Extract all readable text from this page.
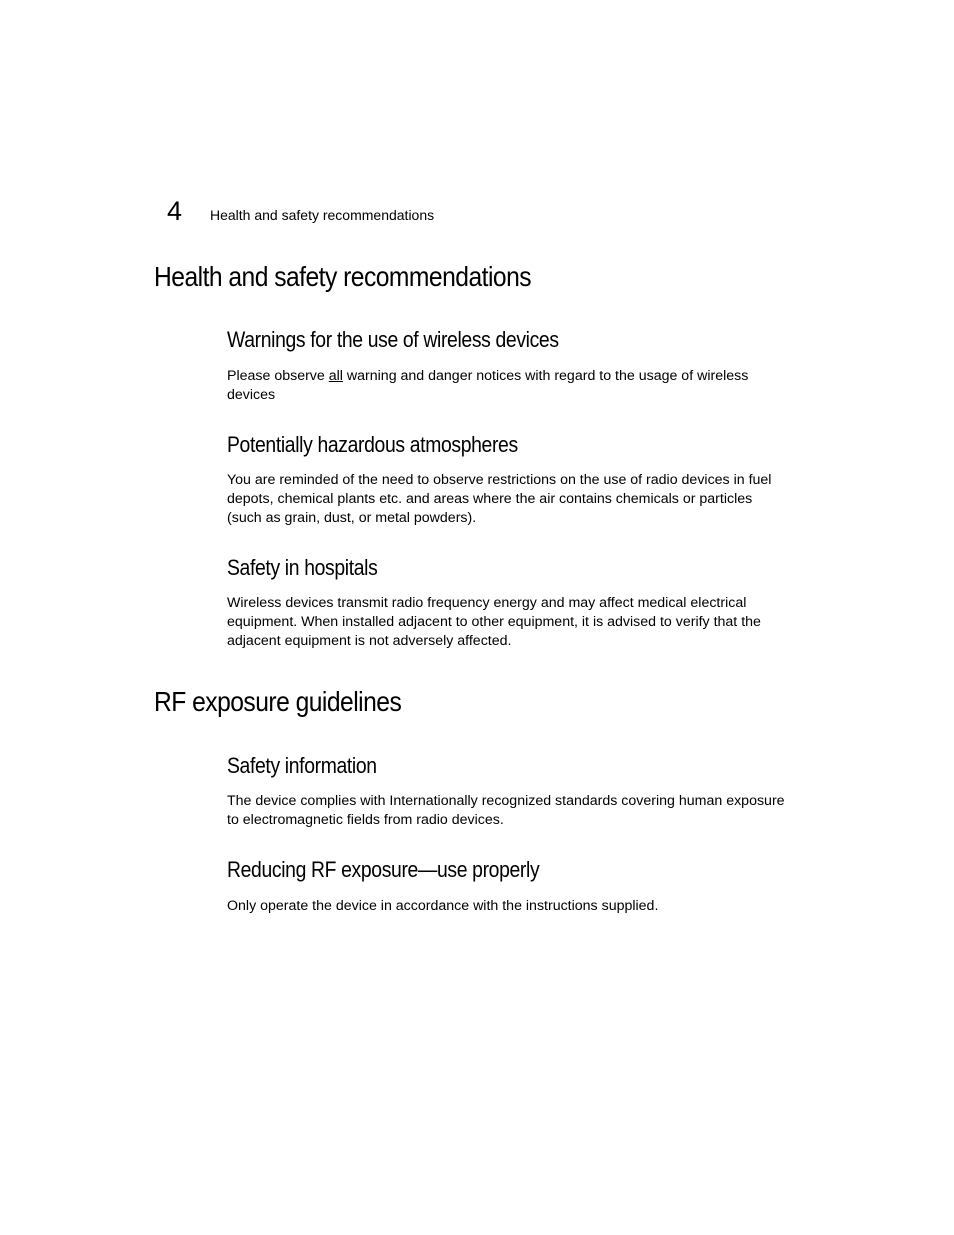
4 Health and safety recommendations
Health and safety recommendations
Warnings for the use of wireless devices

Please observe all warning and danger notices with regard to the usage of wireless devices

Potentially hazardous atmospheres

You are reminded of the need to observe restrictions on the use of radio devices in fuel depots, chemical plants etc. and areas where the air contains chemicals or particles (such as grain, dust, or metal powders).

Safety in hospitals

Wireless devices transmit radio frequency energy and may affect medical electrical equipment. When installed adjacent to other equipment, it is advised to verify that the adjacent equipment is not adversely affected.

RF exposure guidelines
Safety information

The device complies with Internationally recognized standards covering human exposure to electromagnetic fields from radio devices.

Reducing RF exposure—use properly

Only operate the device in accordance with the instructions supplied.
